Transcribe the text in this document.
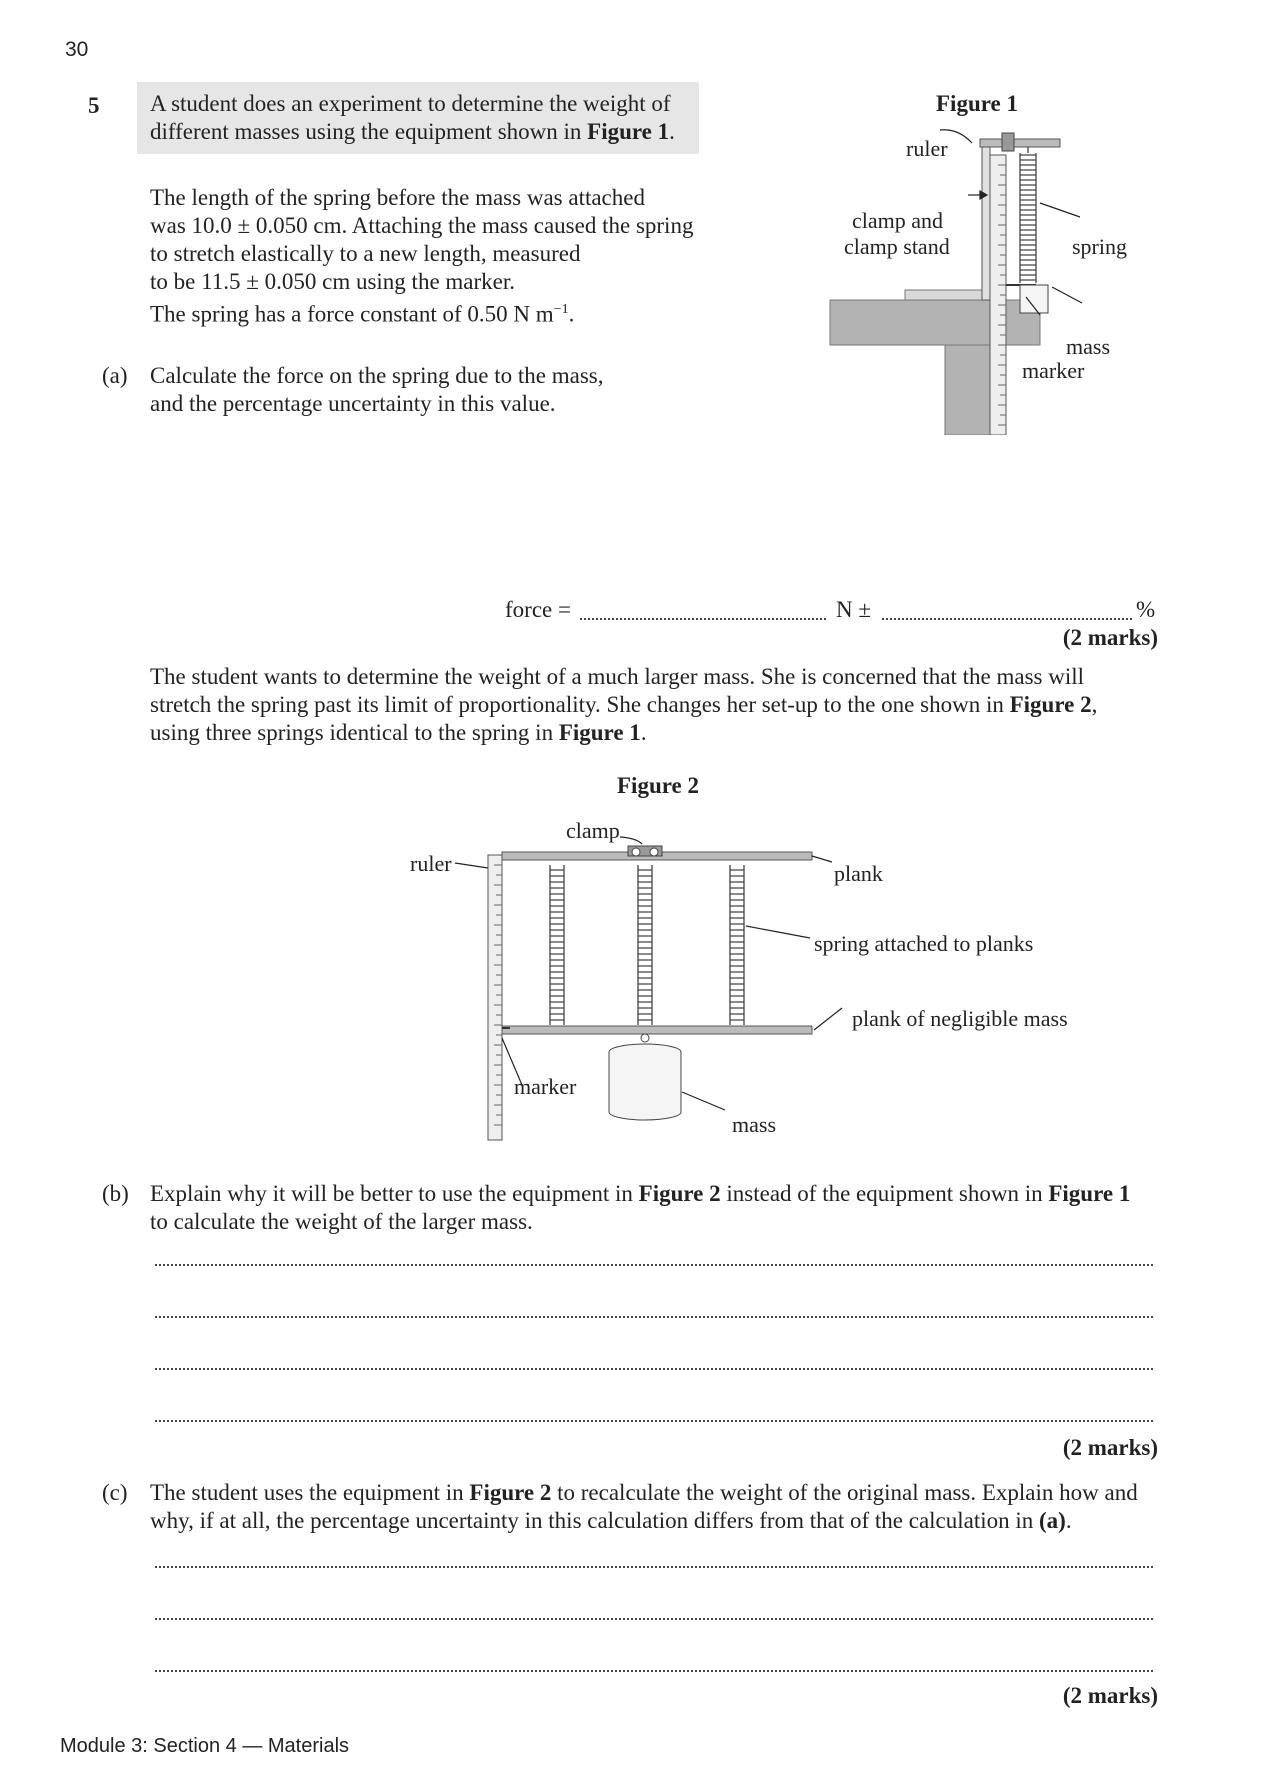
30
5 A student does an experiment to determine the weight of
different masses using the equipment shown in Figure 1.
The length of the spring before the mass was attached
was 10.0 ± 0.050 cm. Attaching the mass caused the spring
to stretch elastically to a new length, measured
to be 11.5 ± 0.050 cm using the marker.
The spring has a force constant of 0.50 N $m^{-1}$.
Figure 1
ruler
clamp and
clamp stand	spring
mass
marker
(a) Calculate the force on the spring due to the mass,
and the percentage uncertainty in this value.
force =	N ±	%
(2 marks)
The student wants to determine the weight of a much larger mass. She is concerned that the mass will
stretch the spring past its limit of proportionality. She changes her set-up to the one shown in Figure 2,
using three springs identical to the spring in Figure 1.
Figure 2
clamp
ruler	plank
spring attached to planks
plank of negligible mass
marker
mass
(b) Explain why it will be better to use the equipment in Figure 2 instead of the equipment shown in Figure 1
to calculate the weight of the larger mass.
(2 marks)
(c) The student uses the equipment in Figure 2 to recalculate the weight of the original mass. Explain how and
why, if at all, the percentage uncertainty in this calculation differs from that of the calculation in (a).
(2 marks)
Module 3: Section 4 — Materials
